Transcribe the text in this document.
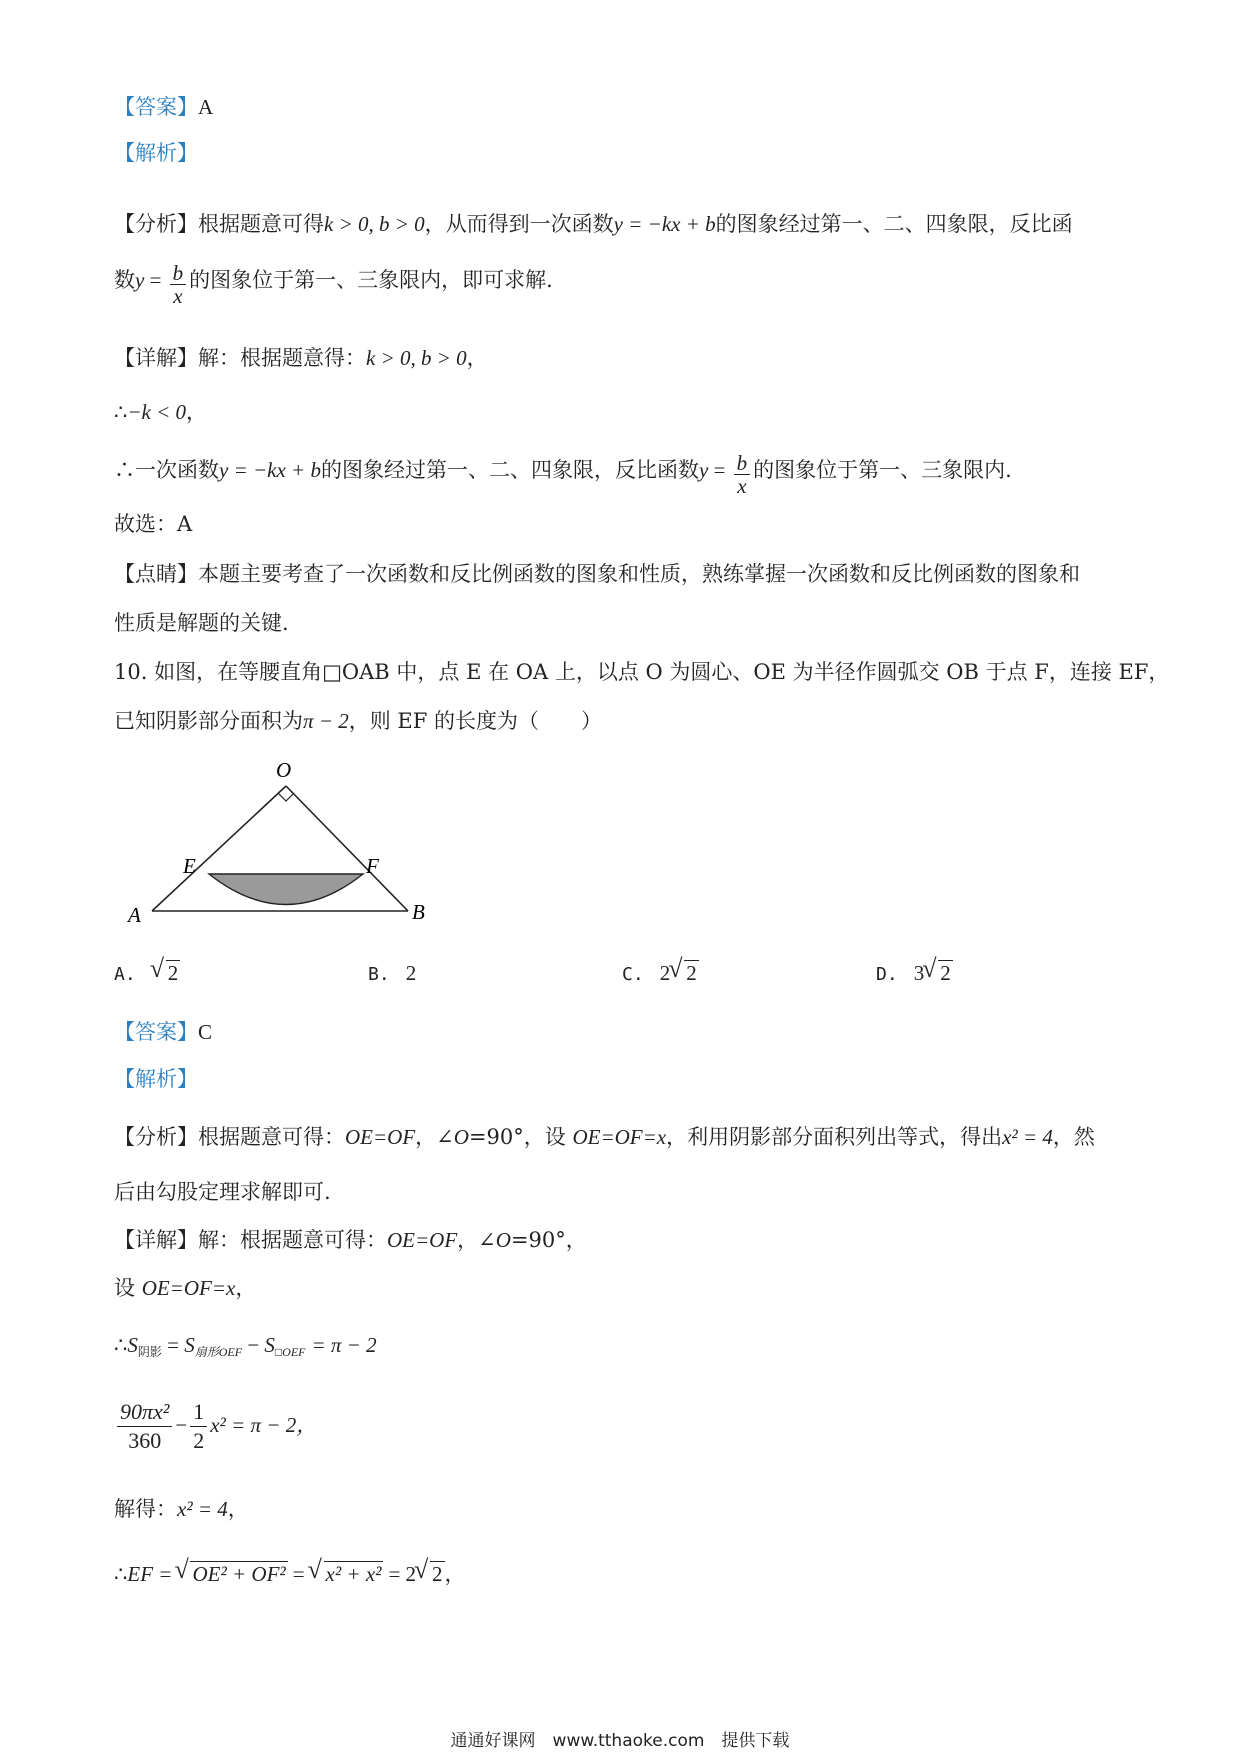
【答案】A
【解析】
【分析】根据题意可得k > 0, b > 0，从而得到一次函数y = −kx + b的图象经过第一、二、四象限，反比函
数$y = \frac{b}{x}$ 的图象位于第一、三象限内，即可求解.
【详解】解：根据题意得：k > 0, b > 0，
∴−k < 0，
∴一次函数y = −kx + b的图象经过第一、二、四象限，反比函数$y = \frac{b}{x}$ 的图象位于第一、三象限内.
故选：A
【点睛】本题主要考查了一次函数和反比例函数的图象和性质，熟练掌握一次函数和反比例函数的图象和
性质是解题的关键.
10. 如图，在等腰直角□OAB 中，点 E 在 OA 上，以点 O 为圆心、OE 为半径作圆弧交 OB 于点 F，连接 EF，
已知阴影部分面积为π − 2，则 EF 的长度为（　　）
O
E	F
A	B
A. √ 2	B. 2	C. 2 √ 2	D. 3 √ 2
【答案】C
【解析】
【分析】根据题意可得：OE=OF，∠O=90°，设 OE=OF=x，利用阴影部分面积列出等式，得出x² = 4，然
后由勾股定理求解即可.
【详解】解：根据题意可得：OE=OF，∠O=90°，
设 OE=OF=x，
$\therefore S_{阴影} = S_{扇形OEF} - S_{□OEF} = \pi - 2$
$\frac{\text{90πx²}}{360} - \frac{1}{2} x^2 = \pi - 2$，
解得：x² = 4，
∴EF = √ OE² + OF² = √ x² + x² = 2 √ 2，
通通好课网　www.tthaoke.com　提供下载
